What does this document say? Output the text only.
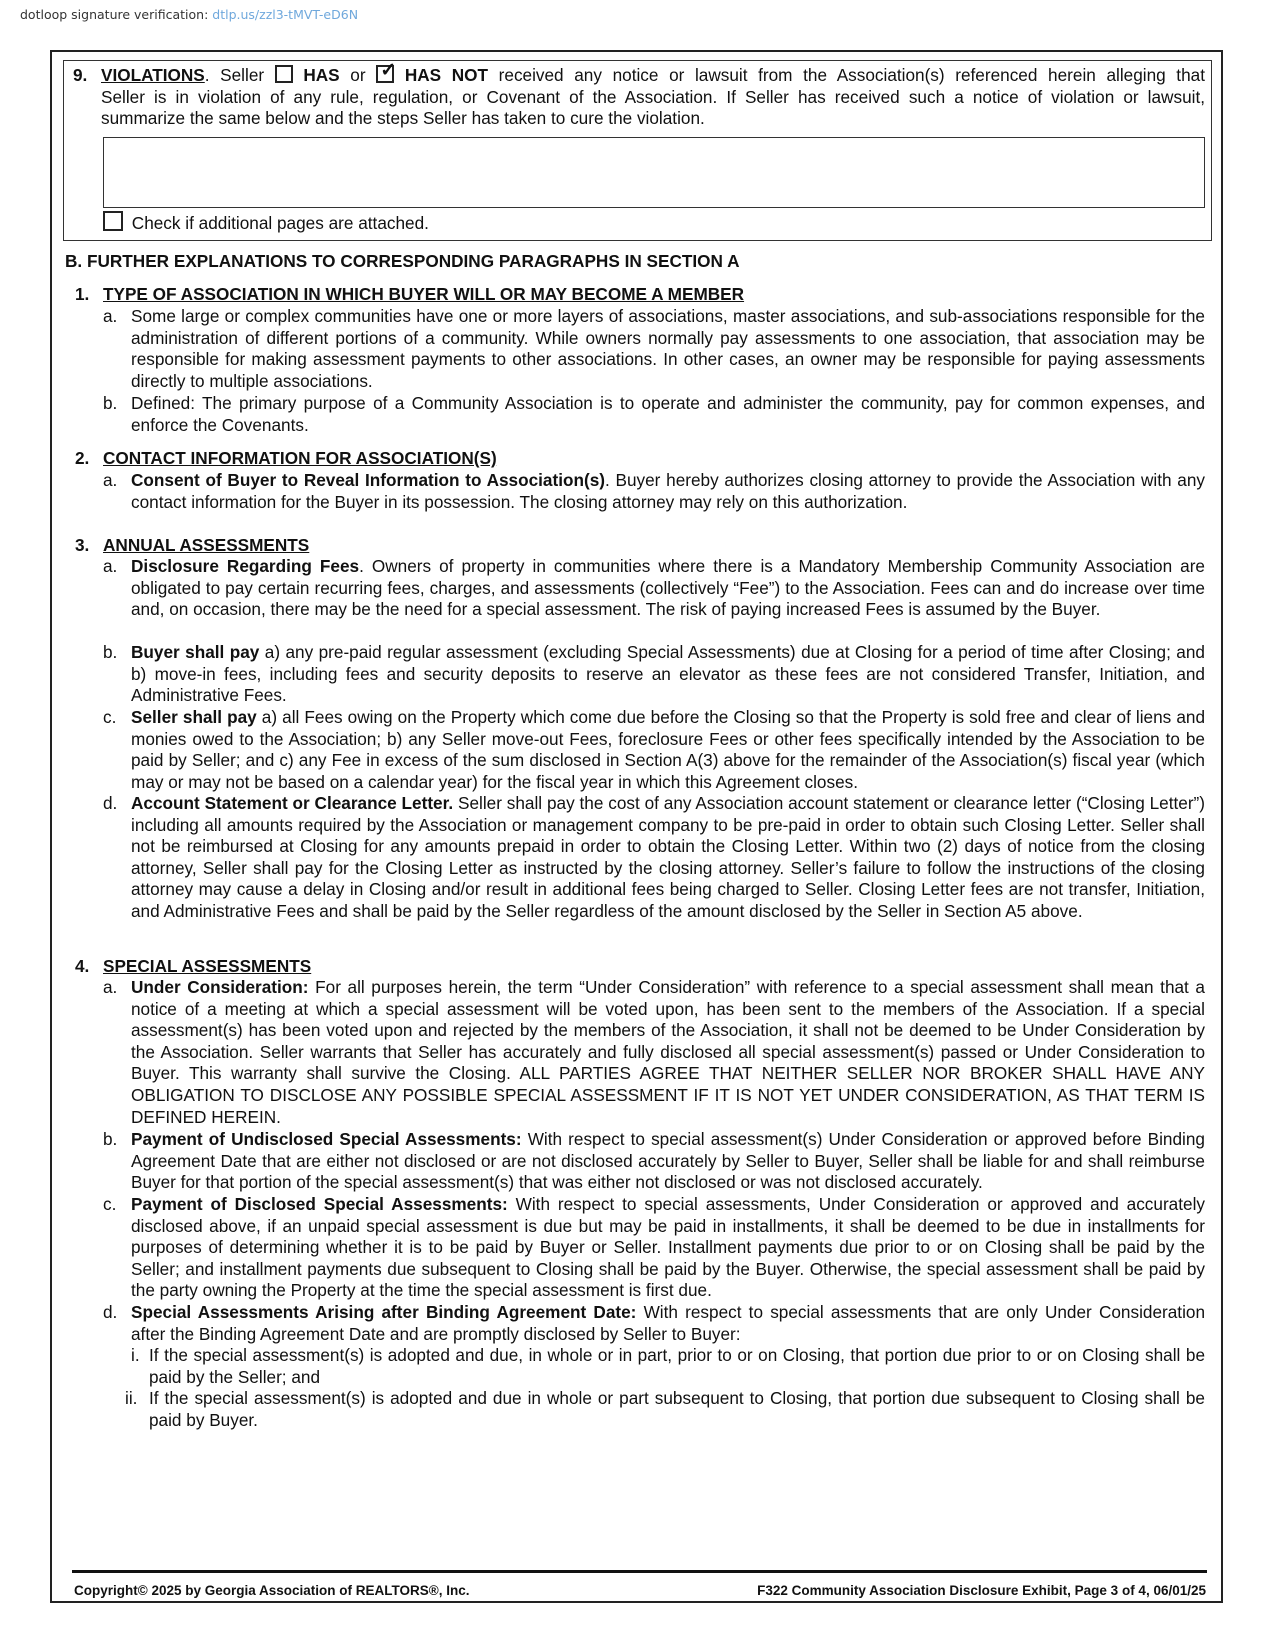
dotloop signature verification: dtlp.us/zzl3-tMVT-eD6N
9. VIOLATIONS. Seller HAS or ✓ HAS NOT received any notice or lawsuit from the Association(s) referenced herein alleging that
Seller is in violation of any rule, regulation, or Covenant of the Association. If Seller has received such a notice of violation or lawsuit,
summarize the same below and the steps Seller has taken to cure the violation.
Check if additional pages are attached.
B. FURTHER EXPLANATIONS TO CORRESPONDING PARAGRAPHS IN SECTION A
1. TYPE OF ASSOCIATION IN WHICH BUYER WILL OR MAY BECOME A MEMBER
a. Some large or complex communities have one or more layers of associations, master associations, and sub-associations responsible for the administration of different portions of a community. While owners normally pay assessments to one association, that association may be responsible for making assessment payments to other associations. In other cases, an owner may be responsible for paying assessments directly to multiple associations.
b. Defined: The primary purpose of a Community Association is to operate and administer the community, pay for common expenses, and enforce the Covenants.
2. CONTACT INFORMATION FOR ASSOCIATION(S)
a. Consent of Buyer to Reveal Information to Association(s). Buyer hereby authorizes closing attorney to provide the Association with any contact information for the Buyer in its possession. The closing attorney may rely on this authorization.
3. ANNUAL ASSESSMENTS
a. Disclosure Regarding Fees. Owners of property in communities where there is a Mandatory Membership Community Association are obligated to pay certain recurring fees, charges, and assessments (collectively “Fee”) to the Association. Fees can and do increase over time and, on occasion, there may be the need for a special assessment. The risk of paying increased Fees is assumed by the Buyer.
b. Buyer shall pay a) any pre-paid regular assessment (excluding Special Assessments) due at Closing for a period of time after Closing; and b) move-in fees, including fees and security deposits to reserve an elevator as these fees are not considered Transfer, Initiation, and Administrative Fees.
c. Seller shall pay a) all Fees owing on the Property which come due before the Closing so that the Property is sold free and clear of liens and monies owed to the Association; b) any Seller move-out Fees, foreclosure Fees or other fees specifically intended by the Association to be paid by Seller; and c) any Fee in excess of the sum disclosed in Section A(3) above for the remainder of the Association(s) fiscal year (which may or may not be based on a calendar year) for the fiscal year in which this Agreement closes.
d. Account Statement or Clearance Letter. Seller shall pay the cost of any Association account statement or clearance letter (“Closing Letter”) including all amounts required by the Association or management company to be pre-paid in order to obtain such Closing Letter. Seller shall not be reimbursed at Closing for any amounts prepaid in order to obtain the Closing Letter. Within two (2) days of notice from the closing attorney, Seller shall pay for the Closing Letter as instructed by the closing attorney. Seller’s failure to follow the instructions of the closing attorney may cause a delay in Closing and/or result in additional fees being charged to Seller. Closing Letter fees are not transfer, Initiation, and Administrative Fees and shall be paid by the Seller regardless of the amount disclosed by the Seller in Section A5 above.
4. SPECIAL ASSESSMENTS
a. Under Consideration: For all purposes herein, the term “Under Consideration” with reference to a special assessment shall mean that a notice of a meeting at which a special assessment will be voted upon, has been sent to the members of the Association. If a special assessment(s) has been voted upon and rejected by the members of the Association, it shall not be deemed to be Under Consideration by the Association. Seller warrants that Seller has accurately and fully disclosed all special assessment(s) passed or Under Consideration to Buyer. This warranty shall survive the Closing. ALL PARTIES AGREE THAT NEITHER SELLER NOR BROKER SHALL HAVE ANY OBLIGATION TO DISCLOSE ANY POSSIBLE SPECIAL ASSESSMENT IF IT IS NOT YET UNDER CONSIDERATION, AS THAT TERM IS DEFINED HEREIN.
b. Payment of Undisclosed Special Assessments: With respect to special assessment(s) Under Consideration or approved before Binding Agreement Date that are either not disclosed or are not disclosed accurately by Seller to Buyer, Seller shall be liable for and shall reimburse Buyer for that portion of the special assessment(s) that was either not disclosed or was not disclosed accurately.
c. Payment of Disclosed Special Assessments: With respect to special assessments, Under Consideration or approved and accurately disclosed above, if an unpaid special assessment is due but may be paid in installments, it shall be deemed to be due in installments for purposes of determining whether it is to be paid by Buyer or Seller. Installment payments due prior to or on Closing shall be paid by the Seller; and installment payments due subsequent to Closing shall be paid by the Buyer. Otherwise, the special assessment shall be paid by the party owning the Property at the time the special assessment is first due.
d. Special Assessments Arising after Binding Agreement Date: With respect to special assessments that are only Under Consideration after the Binding Agreement Date and are promptly disclosed by Seller to Buyer:
i. If the special assessment(s) is adopted and due, in whole or in part, prior to or on Closing, that portion due prior to or on Closing shall be paid by the Seller; and
ii. If the special assessment(s) is adopted and due in whole or part subsequent to Closing, that portion due subsequent to Closing shall be paid by Buyer.
Copyright© 2025 by Georgia Association of REALTORS®, Inc.	F322 Community Association Disclosure Exhibit, Page 3 of 4, 06/01/25
